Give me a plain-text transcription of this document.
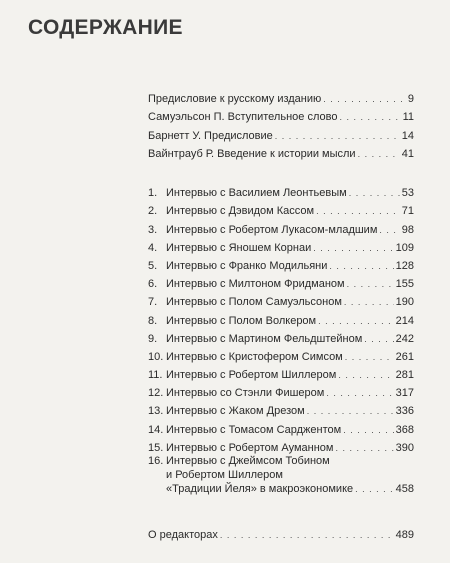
СОДЕРЖАНИЕ
Предисловие к русскому изданию . . .	9
Самуэльсон П. Вступительное слово . . .	11
Барнетт У. Предисловие . . .	14
Вайнтрауб Р. Введение к истории мысли . . .	41
1. Интервью с Василием Леонтьевым . . .	53
2. Интервью с Дэвидом Кассом . . .	71
3. Интервью с Робертом Лукасом-младшим . . . 98
4. Интервью с Яношем Корнаи . . .	109
5. Интервью с Франко Модильяни . . .	128
6. Интервью с Милтоном Фридманом . . .	155
7. Интервью с Полом Самуэльсоном . . .	190
8. Интервью с Полом Волкером . . .	214
9. Интервью с Мартином Фельдштейном . . .	242
10. Интервью с Кристофером Симсом . . .	261
11. Интервью с Робертом Шиллером . . .	281
12. Интервью со Стэнли Фишером . . .	317
13. Интервью с Жаком Дрезом . . .	336
14. Интервью с Томасом Сарджентом . . .	368
15. Интервью с Робертом Ауманном . . .	390
16. Интервью с Джеймсом Тобином
и Робертом Шиллером
«Традиции Йеля» в макроэкономике . . .	458
О редакторах . . .	489
